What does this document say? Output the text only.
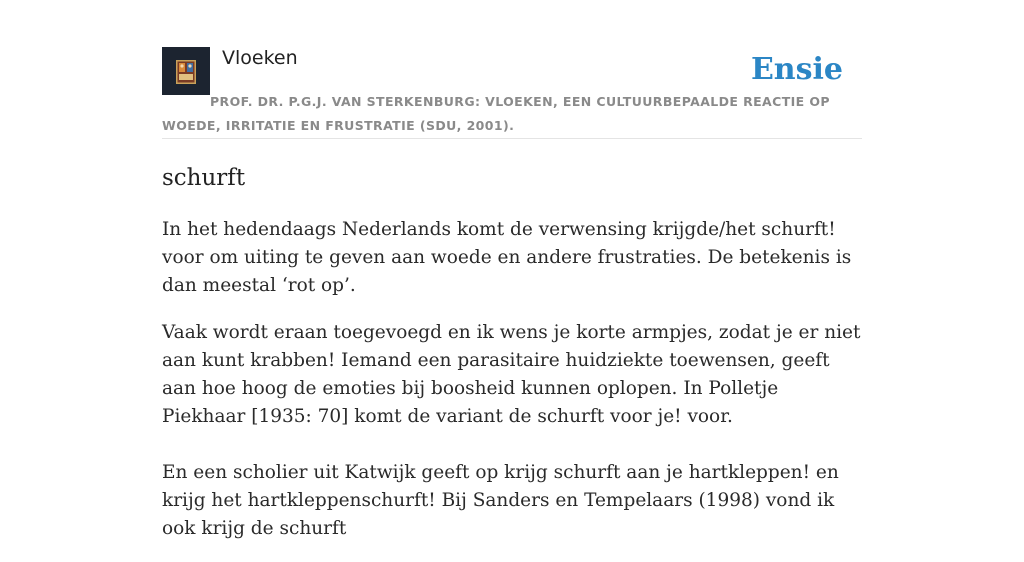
Vloeken	Ensie

PROF. DR. P.G.J. VAN STERKENBURG: VLOEKEN, EEN CULTUURBEPAALDE REACTIE OP WOEDE, IRRITATIE EN FRUSTRATIE (SDU, 2001).

schurft

In het hedendaags Nederlands komt de verwensing krijgde/het schurft! voor om uiting te geven aan woede en andere frustraties. De betekenis is dan meestal ‘rot op’.

Vaak wordt eraan toegevoegd en ik wens je korte armpjes, zodat je er niet aan kunt krabben! Iemand een parasitaire huidziekte toewensen, geeft aan hoe hoog de emoties bij boosheid kunnen oplopen. In Polletje Piekhaar [1935: 70] komt de variant de schurft voor je! voor.

En een scholier uit Katwijk geeft op krijg schurft aan je hartkleppen! en krijg het hartkleppenschurft! Bij Sanders en Tempelaars (1998) vond ik ook krijg de schurft
